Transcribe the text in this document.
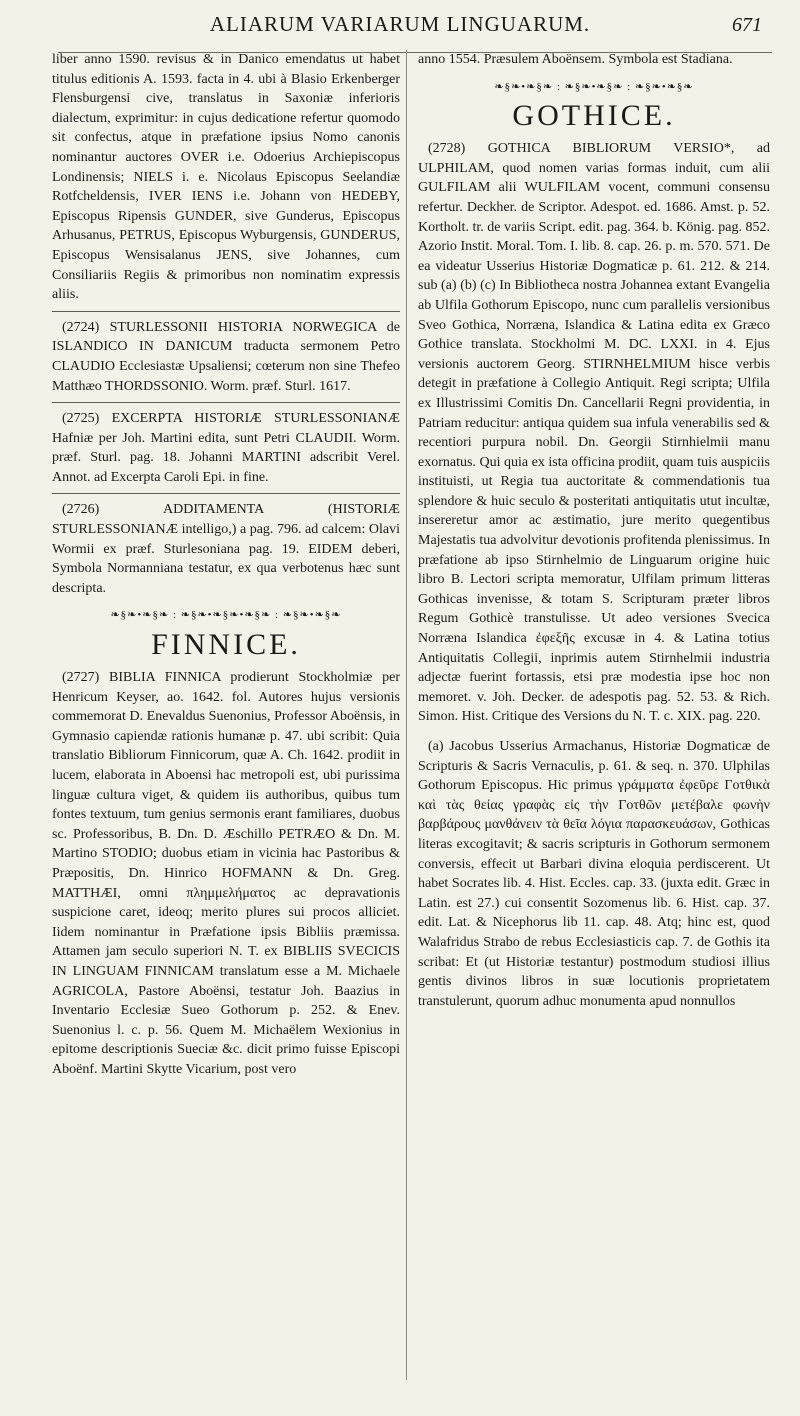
ALIARUM VARIARUM LINGUARUM.	671

liber anno 1590. revisus & in Danico emendatus ut habet titulus editionis A. 1593. facta in 4. ubi à Blasio Erkenberger Flensburgensi cive, translatus in Saxoniæ inferioris dialectum, exprimitur: in cujus dedicatione refertur quomodo sit confectus, atque in præfatione ipsius Nomo canonis nominantur auctores OVER i.e. Odoerius Archiepiscopus Londinensis; NIELS i. e. Nicolaus Episcopus Seelandiæ Rotfcheldensis, IVER IENS i.e. Johann von HEDEBY, Episcopus Ripensis GUNDER, sive Gunderus, Episcopus Arhusanus, PETRUS, Episcopus Wyburgensis, GUNDERUS, Episcopus Wensisalanus JENS, sive Johannes, cum Consiliariis Regiis & primoribus non nominatim expressis aliis.

(2724) STURLESSONII HISTORIA NORWEGICA de ISLANDICO IN DANICUM traducta sermonem Petro CLAUDIO Ecclesiastæ Upsaliensi; cœterum non sine Thefeo Matthæo THORDSSONIO. Worm. præf. Sturl. 1617.

(2725) EXCERPTA HISTORIÆ STURLESSONIANÆ Hafniæ per Joh. Martini edita, sunt Petri CLAUDII. Worm. præf. Sturl. pag. 18. Johanni MARTINI adscribit Verel. Annot. ad Excerpta Caroli Epi. in fine.

(2726) ADDITAMENTA (HISTORIÆ STURLESSONIANÆ intelligo,) a pag. 796. ad calcem: Olavi Wormii ex præf. Sturlesoniana pag. 19. EIDEM deberi, Symbola Normanniana testatur, ex qua verbotenus hæc sunt descripta.

❧§❧•❧§❧ : ❧§❧•❧§❧•❧§❧ : ❧§❧•❧§❧
FINNICE.

(2727) BIBLIA FINNICA prodierunt Stockholmiæ per Henricum Keyser, ao. 1642. fol. Autores hujus versionis commemorat D. Enevaldus Suenonius, Professor Aboënsis, in Gymnasio capiendæ rationis humanæ p. 47. ubi scribit: Quia translatio Bibliorum Finnicorum, quæ A. Ch. 1642. prodiit in lucem, elaborata in Aboensi hac metropoli est, ubi purissima linguæ cultura viget, & quidem iis authoribus, quibus tum fontes textuum, tum genius sermonis erant familiares, duobus sc. Professoribus, B. Dn. D. Æschillo PETRÆO & Dn. M. Martino STODIO; duobus etiam in vicinia hac Pastoribus & Præpositis, Dn. Hinrico HOFMANN & Dn. Greg. MATTHÆI, omni πλημμελήματος ac depravationis suspicione caret, ideoq; merito plures sui procos alliciet. Iidem nominantur in Præfatione ipsis Bibliis præmissa. Attamen jam seculo superiori N. T. ex BIBLIIS SVECICIS IN LINGUAM FINNICAM translatum esse a M. Michaele AGRICOLA, Pastore Aboënsi, testatur Joh. Baazius in Inventario Ecclesiæ Sueo Gothorum p. 252. & Enev. Suenonius l. c. p. 56. Quem M. Michaëlem Wexionius in epitome descriptionis Sueciæ &c. dicit primo fuisse Episcopi Aboënf. Martini Skytte Vicarium, post vero

anno 1554. Præsulem Aboënsem. Symbola est Stadiana.

❧§❧•❧§❧ : ❧§❧•❧§❧ : ❧§❧•❧§❧
GOTHICE.

(2728) GOTHICA BIBLIORUM VERSIO*, ad ULPHILAM, quod nomen varias formas induit, cum alii GULFILAM alii WULFILAM vocent, communi consensu refertur. Deckher. de Scriptor. Adespot. ed. 1686. Amst. p. 52. Kortholt. tr. de variis Script. edit. pag. 364. b. König. pag. 852. Azorio Instit. Moral. Tom. I. lib. 8. cap. 26. p. m. 570. 571. De ea videatur Usserius Historiæ Dogmaticæ p. 61. 212. & 214. sub (a) (b) (c) In Bibliotheca nostra Johannea extant Evangelia ab Ulfila Gothorum Episcopo, nunc cum parallelis versionibus Sveo Gothica, Norræna, Islandica & Latina edita ex Græco Gothice translata. Stockholmi M. DC. LXXI. in 4. Ejus versionis auctorem Georg. STIRNHELMIUM hisce verbis detegit in præfatione à Collegio Antiquit. Regi scripta; Ulfila ex Illustrissimi Comitis Dn. Cancellarii Regni providentia, in Patriam reducitur: antiqua quidem sua infula venerabilis sed & recentiori purpura nobil. Dn. Georgii Stirnhielmii manu exornatus. Qui quia ex ista officina prodiit, quam tuis auspiciis instituisti, ut Regia tua auctoritate & commendationis tua splendore & huic seculo & posteritati antiquitatis utut incultæ, insereretur amor ac æstimatio, jure merito quegentibus Majestatis tua advolvitur devotionis profitenda plenissimus. In præfatione ab ipso Stirnhelmio de Linguarum origine huic libro B. Lectori scripta memoratur, Ulfilam primum litteras Gothicas invenisse, & totam S. Scripturam præter libros Regum Gothicè transtulisse. Ut adeo versiones Svecica Norræna Islandica ἐφεξῆς excusæ in 4. & Latina totius Antiquitatis Collegii, inprimis autem Stirnhelmii industria adjectæ fuerint fortassis, etsi præ modestia ipse hoc non memoret. v. Joh. Decker. de adespotis pag. 52. 53. & Rich. Simon. Hist. Critique des Versions du N. T. c. XIX. pag. 220.

(a) Jacobus Usserius Armachanus, Historiæ Dogmaticæ de Scripturis & Sacris Vernaculis, p. 61. & seq. n. 370. Ulphilas Gothorum Episcopus. Hic primus γράμματα ἐφεῦρε Γοτθικὰ καὶ τὰς θείας γραφὰς εἰς τὴν Γοτθῶν μετέβαλε φωνὴν βαρβάρους μανθάνειν τὰ θεῖα λόγια παρασκευάσων, Gothicas literas excogitavit; & sacris scripturis in Gothorum sermonem conversis, effecit ut Barbari divina eloquia perdiscerent. Ut habet Socrates lib. 4. Hist. Eccles. cap. 33. (juxta edit. Græc in Latin. est 27.) cui consentit Sozomenus lib. 6. Hist. cap. 37. edit. Lat. & Nicephorus lib 11. cap. 48. Atq; hinc est, quod Walafridus Strabo de rebus Ecclesiasticis cap. 7. de Gothis ita scribat: Et (ut Historiæ testantur) postmodum studiosi illius gentis divinos libros in suæ locutionis proprietatem transtulerunt, quorum adhuc monumenta apud nonnullos
